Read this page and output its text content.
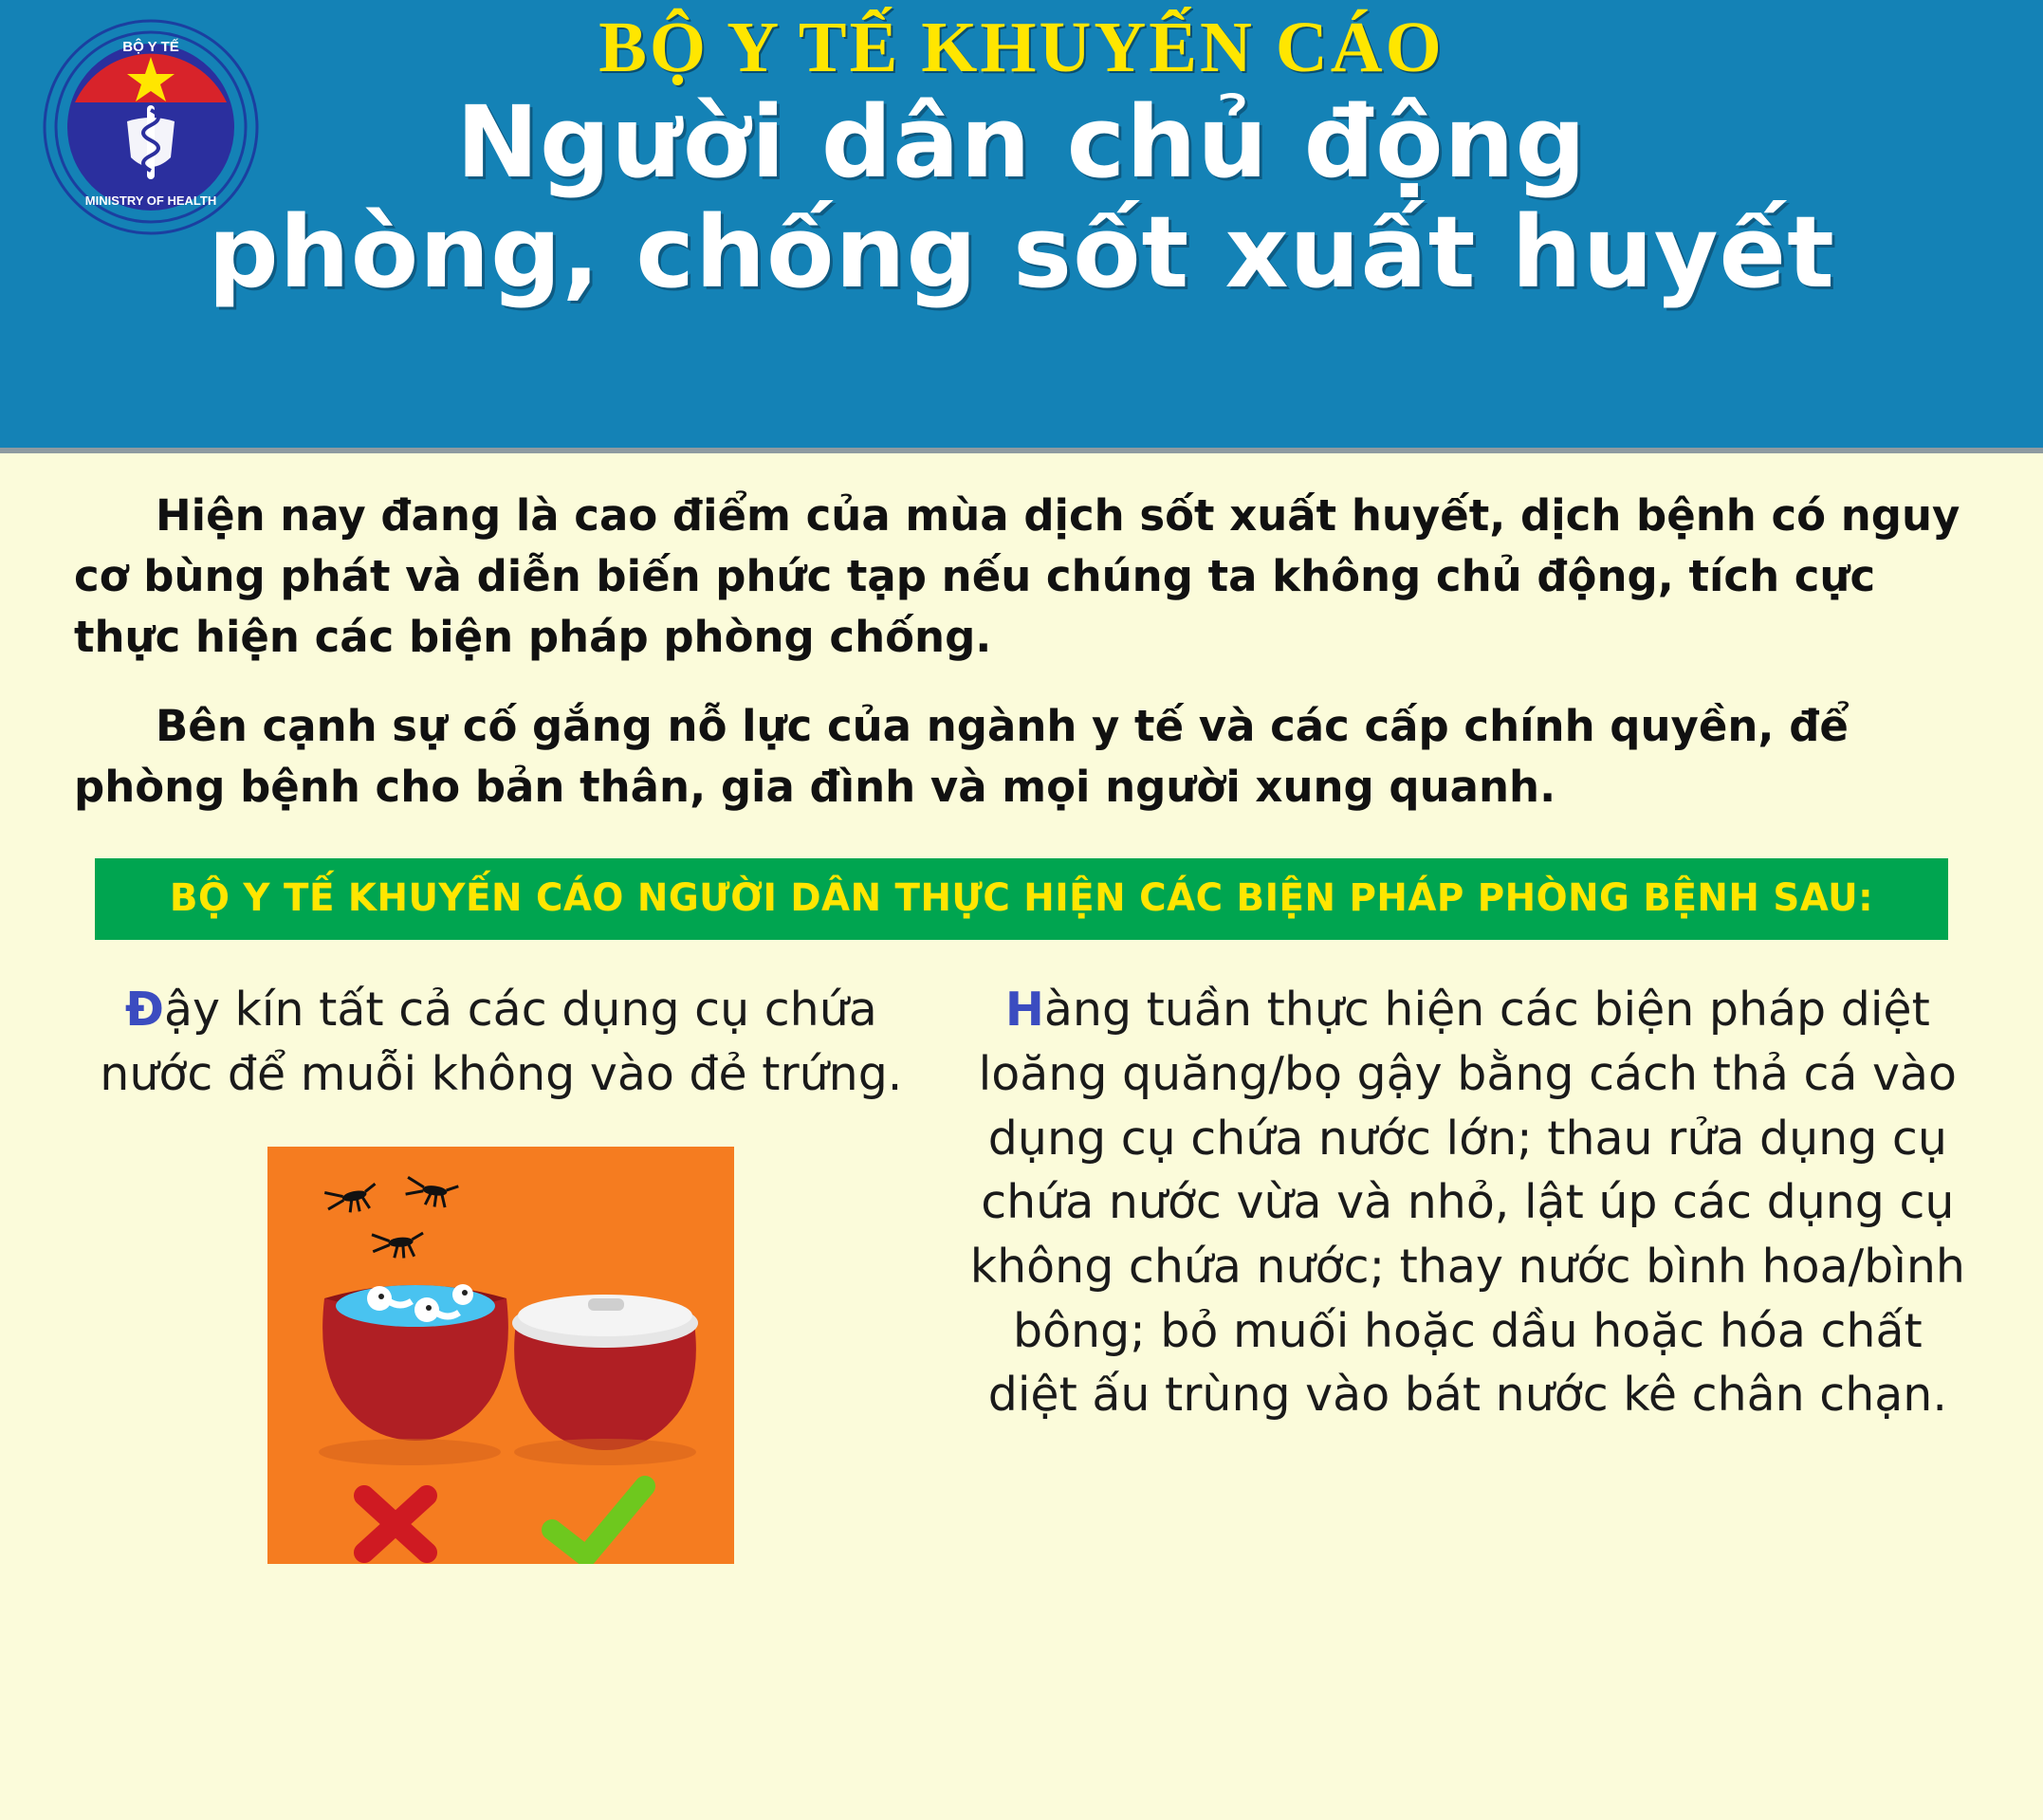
BỘ Y TẾ
MINISTRY OF HEALTH
BỘ Y TẾ KHUYẾN CÁO
Người dân chủ động
phòng, chống sốt xuất huyết

Hiện nay đang là cao điểm của mùa dịch sốt xuất huyết, dịch bệnh có nguy cơ bùng phát và diễn biến phức tạp nếu chúng ta không chủ động, tích cực thực hiện các biện pháp phòng chống.

Bên cạnh sự cố gắng nỗ lực của ngành y tế và các cấp chính quyền, để phòng bệnh cho bản thân, gia đình và mọi người xung quanh.

BỘ Y TẾ KHUYẾN CÁO NGƯỜI DÂN THỰC HIỆN CÁC BIỆN PHÁP PHÒNG BỆNH SAU:
Đậy kín tất cả các dụng cụ chứa nước để muỗi không vào đẻ trứng.
Hàng tuần thực hiện các biện pháp diệt loăng quăng/bọ gậy bằng cách thả cá vào dụng cụ chứa nước lớn; thau rửa dụng cụ chứa nước vừa và nhỏ, lật úp các dụng cụ không chứa nước; thay nước bình hoa/bình bông; bỏ muối hoặc dầu hoặc hóa chất diệt ấu trùng vào bát nước kê chân chạn.
